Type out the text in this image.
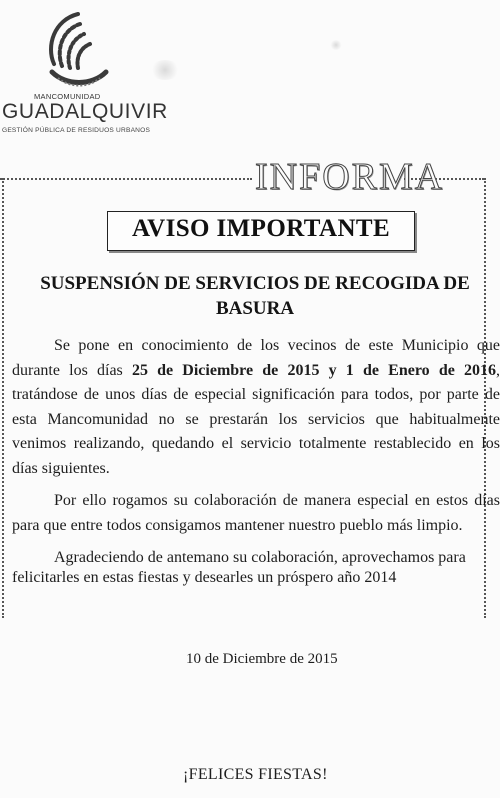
MANCOMUNIDAD
GUADALQUIVIR
GESTIÓN PÚBLICA DE RESIDUOS URBANOS
INFORMA
AVISO IMPORTANTE
SUSPENSIÓN DE SERVICIOS DE RECOGIDA DE BASURA

Se pone en conocimiento de los vecinos de este Municipio que durante los días 25 de Diciembre de 2015 y 1 de Enero de 2016, tratándose de unos días de especial significación para todos, por parte de esta Mancomunidad no se prestarán los servicios que habitualmente venimos realizando, quedando el servicio totalmente restablecido en los días siguientes.

Por ello rogamos su colaboración de manera especial en estos días para que entre todos consigamos mantener nuestro pueblo más limpio.

Agradeciendo de antemano su colaboración, aprovechamos para

felicitarles en estas fiestas y desearles un próspero año 2014
10 de Diciembre de 2015
¡FELICES FIESTAS!
